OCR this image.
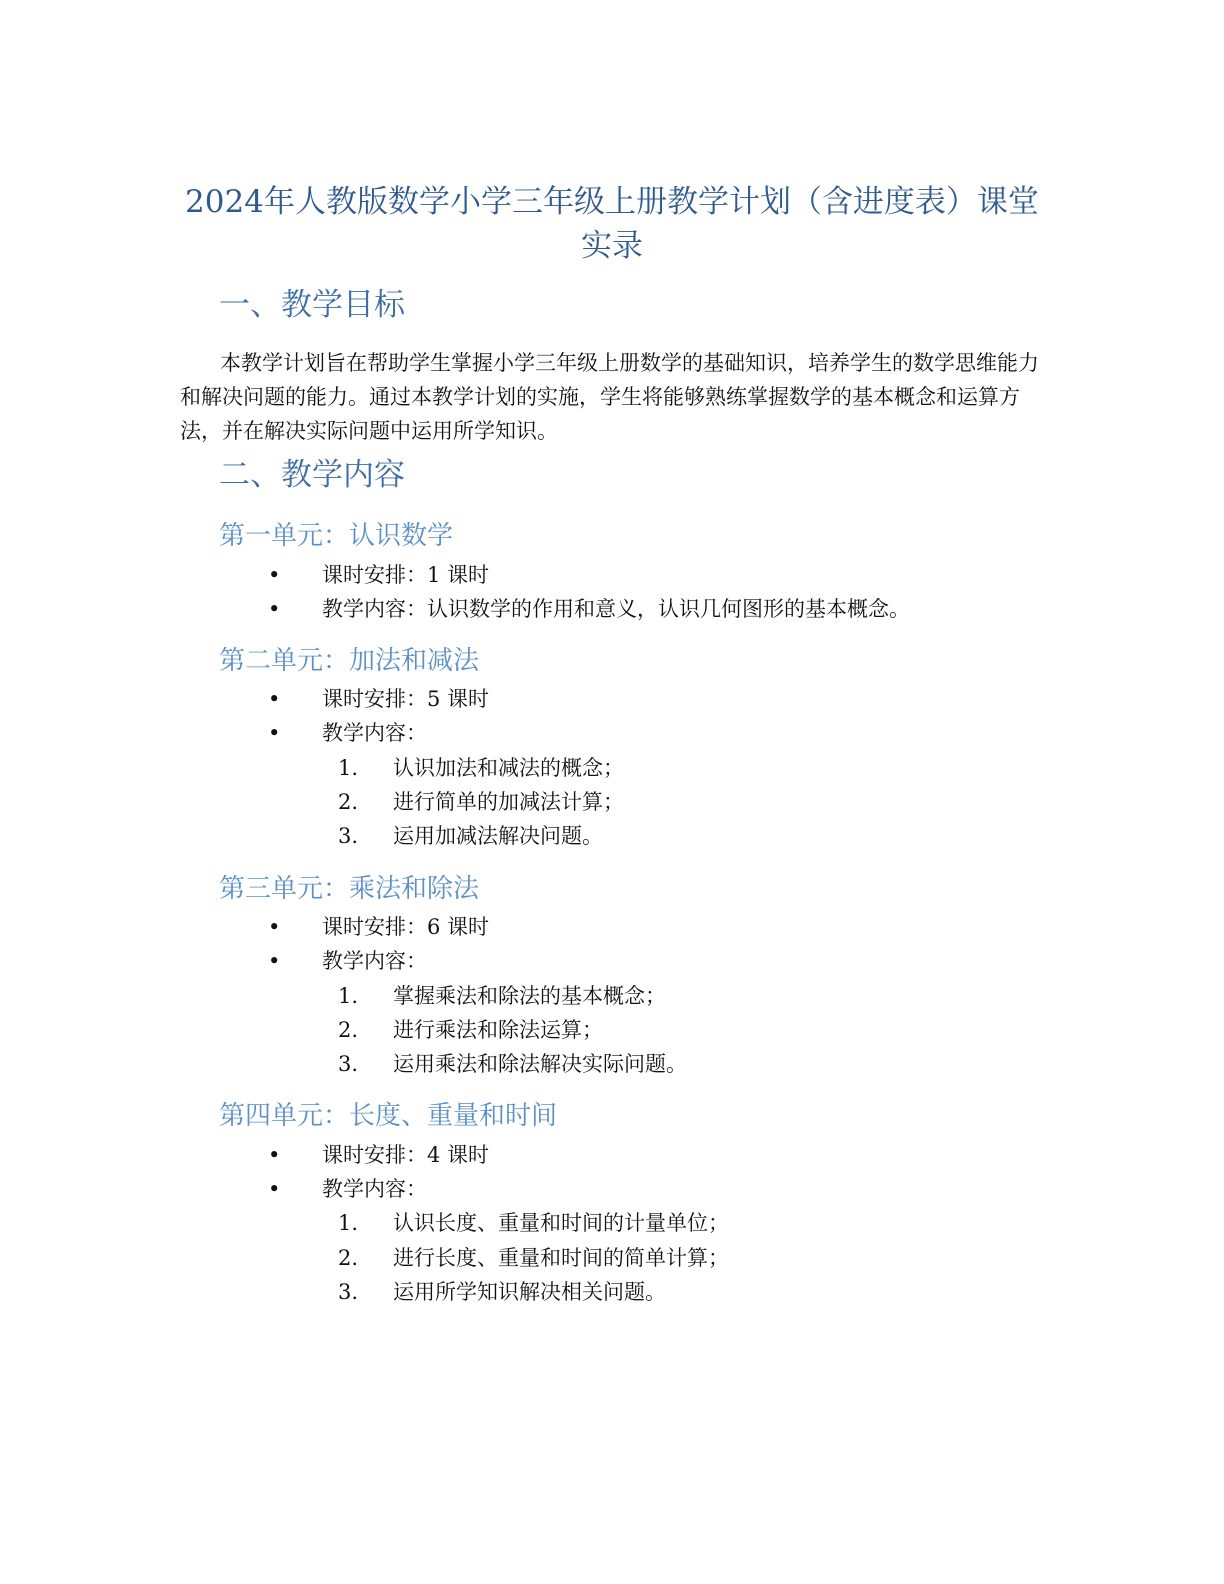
2024年人教版数学小学三年级上册教学计划（含进度表）课堂实录
一、教学目标

本教学计划旨在帮助学生掌握小学三年级上册数学的基础知识，培养学生的数学思维能力和解决问题的能力。通过本教学计划的实施，学生将能够熟练掌握数学的基本概念和运算方法，并在解决实际问题中运用所学知识。

二、教学内容
第一单元：认识数学
•	课时安排：1 课时
•	教学内容：认识数学的作用和意义，认识几何图形的基本概念。
第二单元：加法和减法
•	课时安排：5 课时
•	教学内容：
1.	认识加法和减法的概念；
2.	进行简单的加减法计算；
3.	运用加减法解决问题。
第三单元：乘法和除法
•	课时安排：6 课时
•	教学内容：
1.	掌握乘法和除法的基本概念；
2.	进行乘法和除法运算；
3.	运用乘法和除法解决实际问题。
第四单元：长度、重量和时间
•	课时安排：4 课时
•	教学内容：
1.	认识长度、重量和时间的计量单位；
2.	进行长度、重量和时间的简单计算；
3.	运用所学知识解决相关问题。
